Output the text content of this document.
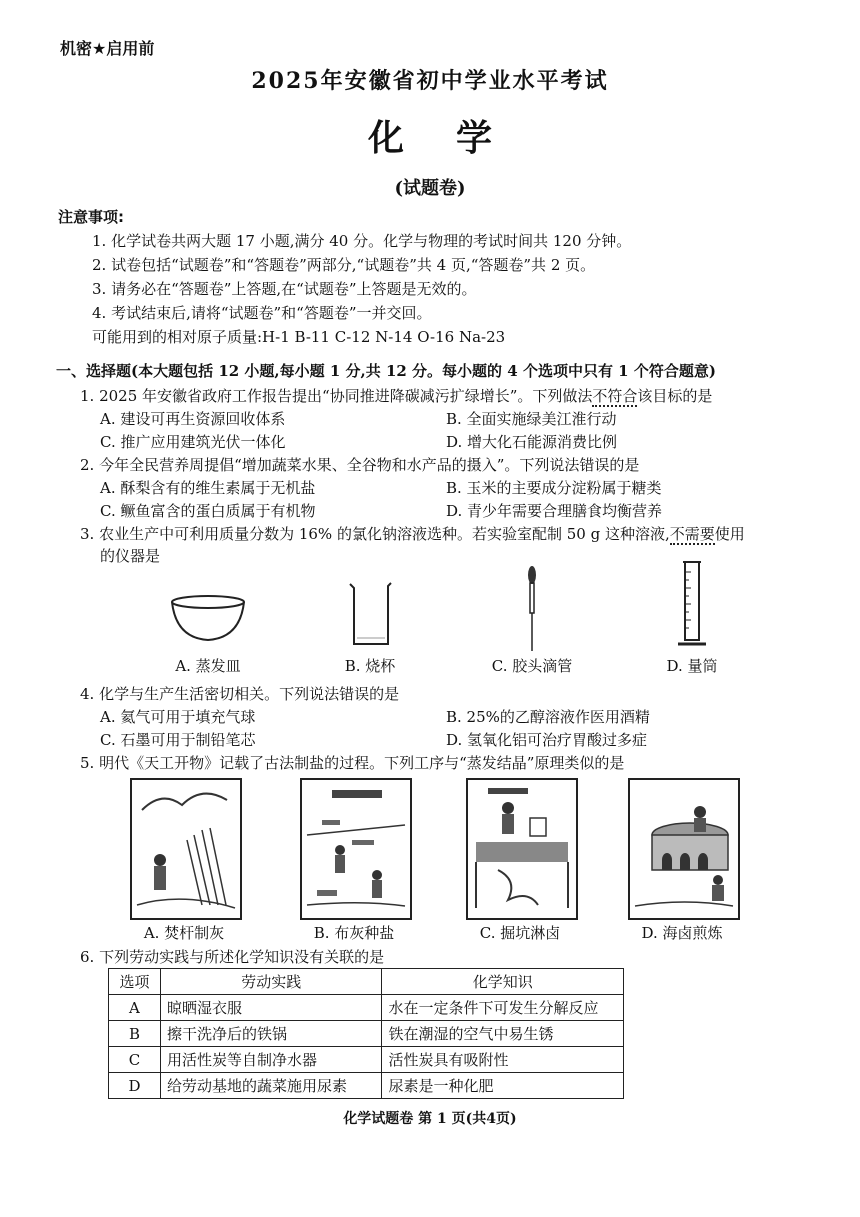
机密★启用前
2025年安徽省初中学业水平考试
化学
(试题卷)
注意事项:
1. 化学试卷共两大题 17 小题,满分 40 分。化学与物理的考试时间共 120 分钟。
2. 试卷包括“试题卷”和“答题卷”两部分,“试题卷”共 4 页,“答题卷”共 2 页。
3. 请务必在“答题卷”上答题,在“试题卷”上答题是无效的。
4. 考试结束后,请将“试题卷”和“答题卷”一并交回。
可能用到的相对原子质量:H-1 B-11 C-12 N-14 O-16 Na-23
一、选择题(本大题包括 12 小题,每小题 1 分,共 12 分。每小题的 4 个选项中只有 1 个符合题意)
1. 2025 年安徽省政府工作报告提出“协同推进降碳减污扩绿增长”。下列做法不符合该目标的是
A. 建设可再生资源回收体系	B. 全面实施绿美江淮行动
C. 推广应用建筑光伏一体化	D. 增大化石能源消费比例
2. 今年全民营养周提倡“增加蔬菜水果、全谷物和水产品的摄入”。下列说法错误的是
A. 酥梨含有的维生素属于无机盐	B. 玉米的主要成分淀粉属于糖类
C. 鳜鱼富含的蛋白质属于有机物	D. 青少年需要合理膳食均衡营养
3. 农业生产中可利用质量分数为 16% 的氯化钠溶液选种。若实验室配制 50 g 这种溶液,不需要使用
的仪器是
A. 蒸发皿	B. 烧杯	C. 胶头滴管	D. 量筒
4. 化学与生产生活密切相关。下列说法错误的是
A. 氦气可用于填充气球	B. 25%的乙醇溶液作医用酒精
C. 石墨可用于制铅笔芯	D. 氢氧化铝可治疗胃酸过多症
5. 明代《天工开物》记载了古法制盐的过程。下列工序与“蒸发结晶”原理类似的是
A. 焚杆制灰	B. 布灰种盐	C. 掘坑淋卤	D. 海卤煎炼
6. 下列劳动实践与所述化学知识没有关联的是
选项	劳动实践	化学知识
A	晾晒湿衣服	水在一定条件下可发生分解反应
B	擦干洗净后的铁锅	铁在潮湿的空气中易生锈
C	用活性炭等自制净水器	活性炭具有吸附性
D	给劳动基地的蔬菜施用尿素	尿素是一种化肥
化学试题卷 第 1 页(共4页)
